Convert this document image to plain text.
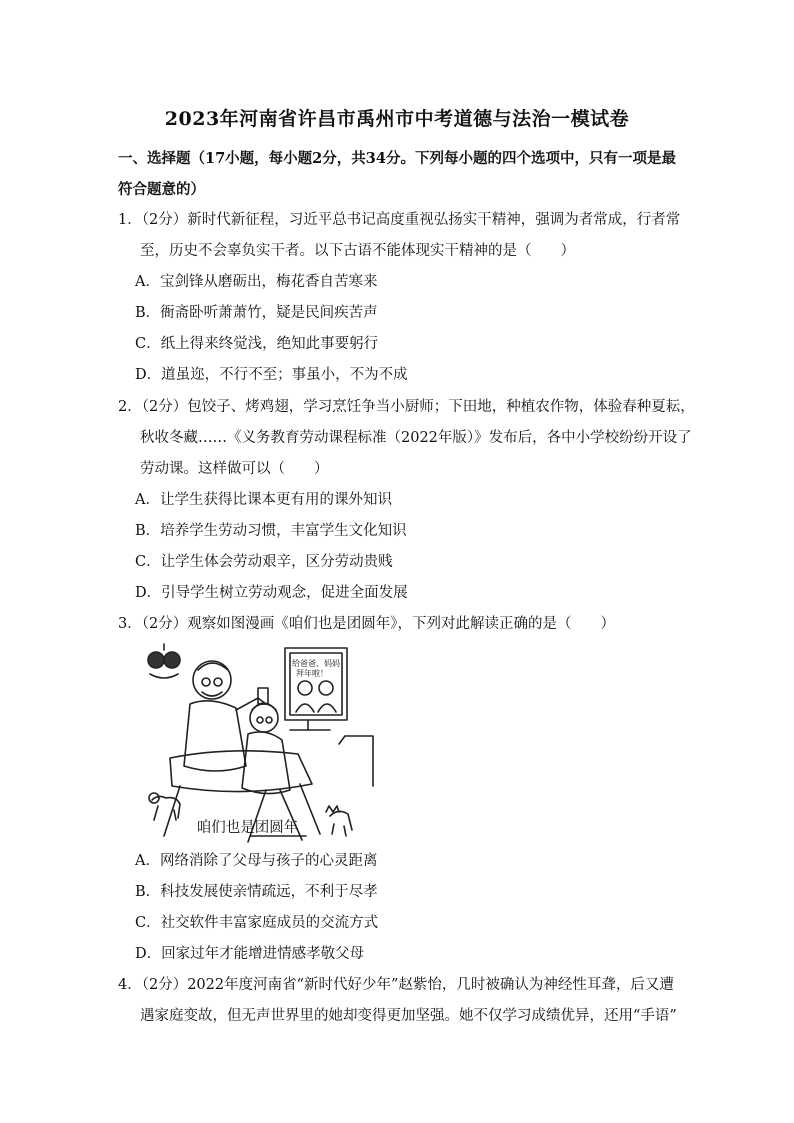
2023年河南省许昌市禹州市中考道德与法治一模试卷
一、选择题（17小题，每小题2分，共34分。下列每小题的四个选项中，只有一项是最符合题意的）
1．（2分）新时代新征程，习近平总书记高度重视弘扬实干精神，强调为者常成，行者常
至，历史不会辜负实干者。以下古语不能体现实干精神的是（　　）
A．宝剑锋从磨砺出，梅花香自苦寒来
B．衙斋卧听萧萧竹，疑是民间疾苦声
C．纸上得来终觉浅，绝知此事要躬行
D．道虽迩，不行不至；事虽小，不为不成
2．（2分）包饺子、烤鸡翅，学习烹饪争当小厨师；下田地，种植农作物，体验春种夏耘，
秋收冬藏……《义务教育劳动课程标准（2022年版）》发布后，各中小学校纷纷开设了
劳动课。这样做可以（　　）
A．让学生获得比课本更有用的课外知识
B．培养学生劳动习惯，丰富学生文化知识
C．让学生体会劳动艰辛，区分劳动贵贱
D．引导学生树立劳动观念，促进全面发展
3．（2分）观察如图漫画《咱们也是团圆年》，下列对此解读正确的是（　　）
给爸爸、妈妈
拜年啦！
咱们也是团圆年
A．网络消除了父母与孩子的心灵距离
B．科技发展使亲情疏远，不利于尽孝
C．社交软件丰富家庭成员的交流方式
D．回家过年才能增进情感孝敬父母
4．（2分）2022年度河南省“新时代好少年”赵紫怡，几时被确认为神经性耳聋，后又遭
遇家庭变故，但无声世界里的她却变得更加坚强。她不仅学习成绩优异，还用“手语”
